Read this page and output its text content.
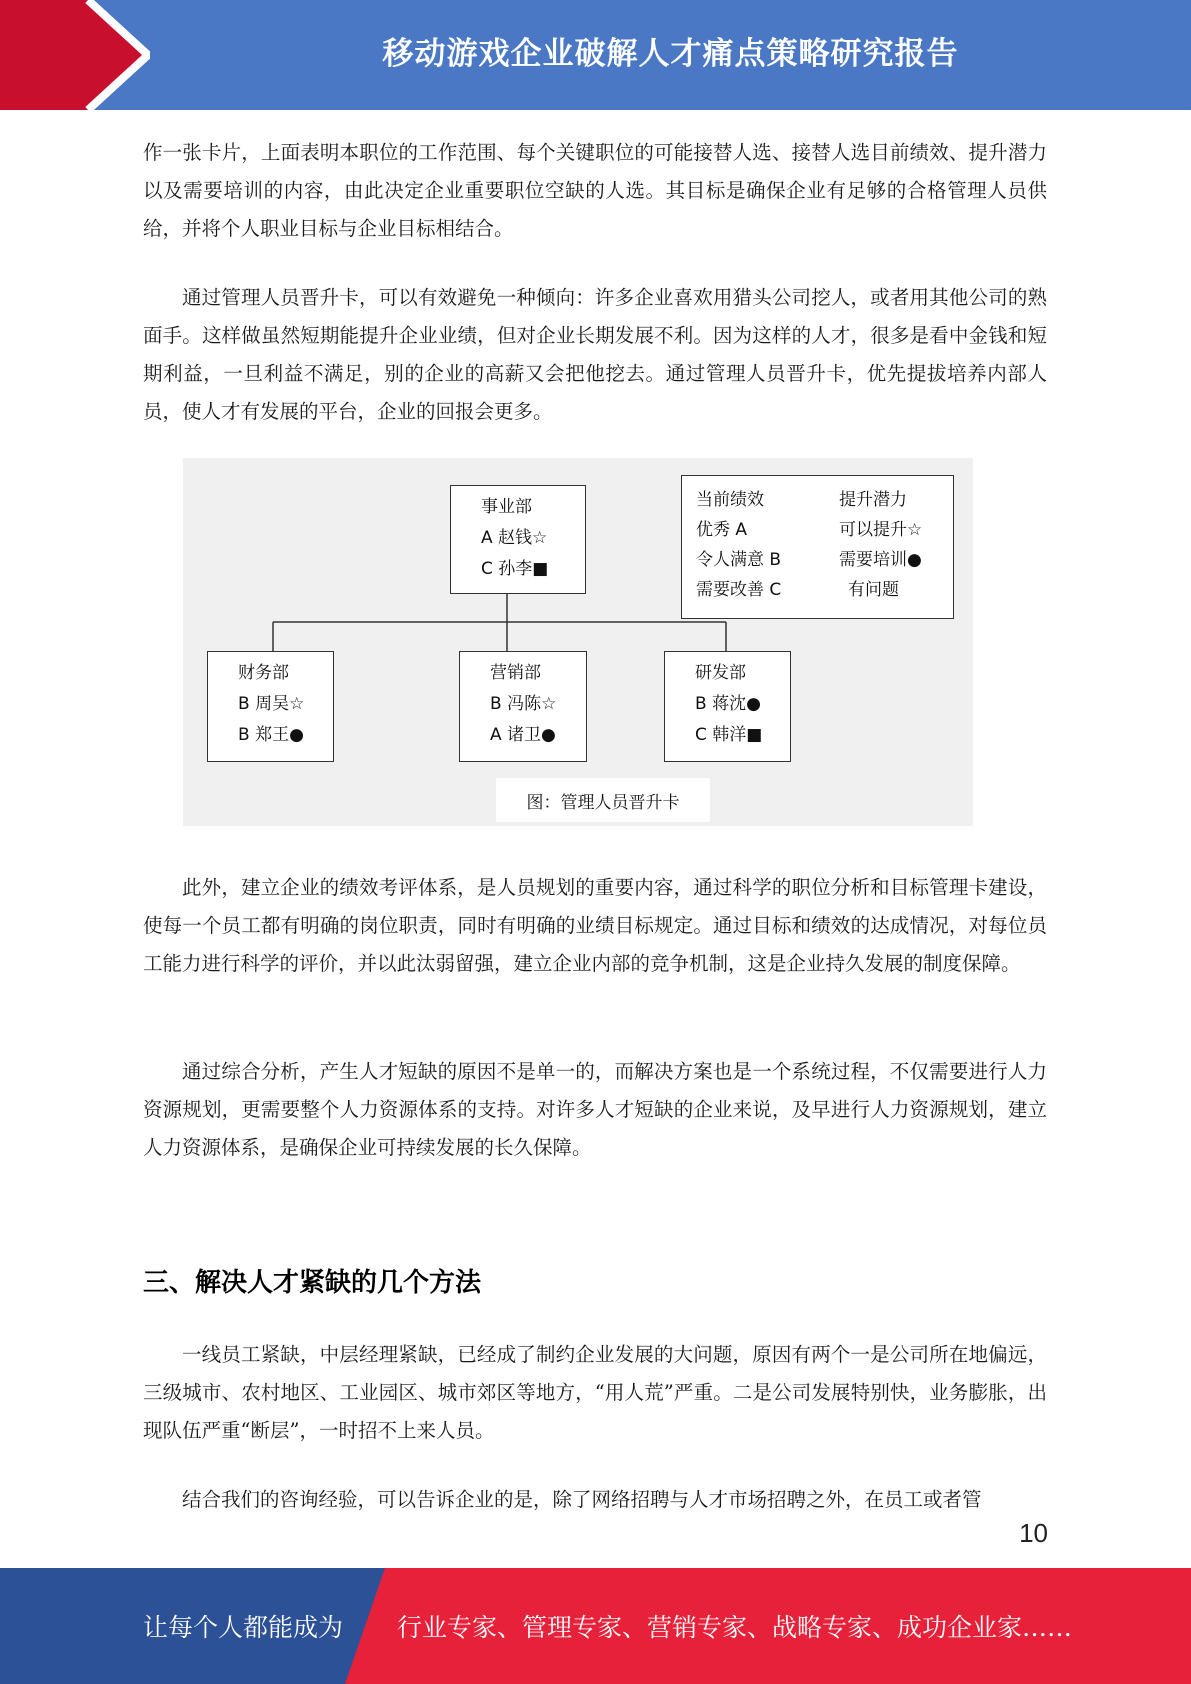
移动游戏企业破解人才痛点策略研究报告

作一张卡片，上面表明本职位的工作范围、每个关键职位的可能接替人选、接替人选目前绩效、提升潜力以及需要培训的内容，由此决定企业重要职位空缺的人选。其目标是确保企业有足够的合格管理人员供给，并将个人职业目标与企业目标相结合。

通过管理人员晋升卡，可以有效避免一种倾向：许多企业喜欢用猎头公司挖人，或者用其他公司的熟面手。这样做虽然短期能提升企业业绩，但对企业长期发展不利。因为这样的人才，很多是看中金钱和短期利益，一旦利益不满足，别的企业的高薪又会把他挖去。通过管理人员晋升卡，优先提拔培养内部人员，使人才有发展的平台，企业的回报会更多。

事业部
A 赵钱☆
C 孙李■
财务部
B 周吴☆
B 郑王●
营销部
B 冯陈☆
A 诸卫●
研发部
B 蒋沈●
C 韩洋■
当前绩效
优秀 A
令人满意 B
需要改善 C
提升潜力
可以提升☆
需要培训●
有问题
图：管理人员晋升卡

此外，建立企业的绩效考评体系，是人员规划的重要内容，通过科学的职位分析和目标管理卡建设，使每一个员工都有明确的岗位职责，同时有明确的业绩目标规定。通过目标和绩效的达成情况，对每位员工能力进行科学的评价，并以此汰弱留强，建立企业内部的竞争机制，这是企业持久发展的制度保障。

通过综合分析，产生人才短缺的原因不是单一的，而解决方案也是一个系统过程，不仅需要进行人力资源规划，更需要整个人力资源体系的支持。对许多人才短缺的企业来说，及早进行人力资源规划，建立人力资源体系，是确保企业可持续发展的长久保障。

三、解决人才紧缺的几个方法

一线员工紧缺，中层经理紧缺，已经成了制约企业发展的大问题，原因有两个一是公司所在地偏远，三级城市、农村地区、工业园区、城市郊区等地方，“用人荒”严重。二是公司发展特别快，业务膨胀，出现队伍严重“断层”，一时招不上来人员。

结合我们的咨询经验，可以告诉企业的是，除了网络招聘与人才市场招聘之外，在员工或者管

10
让每个人都能成为 行业专家、管理专家、营销专家、战略专家、成功企业家……
